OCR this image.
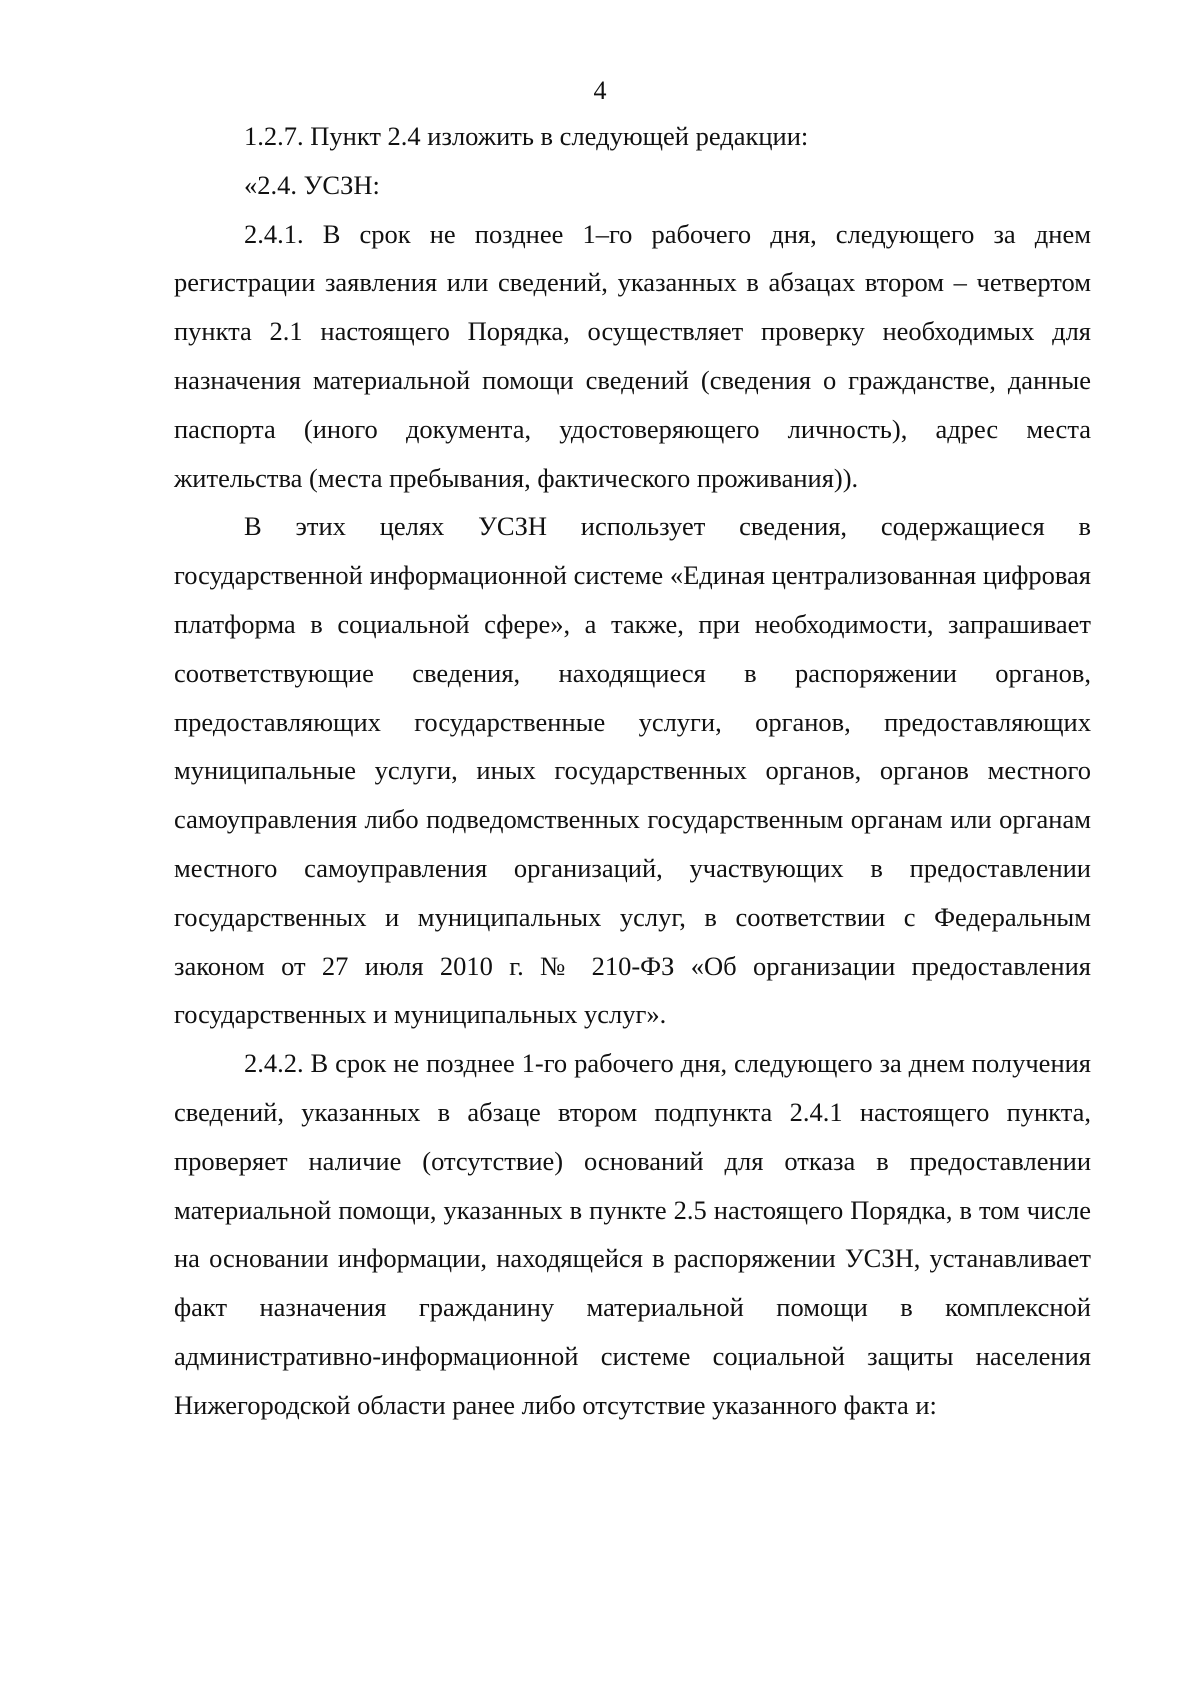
4

1.2.7. Пункт 2.4 изложить в следующей редакции:

«2.4. УСЗН:

2.4.1. В срок не позднее 1–го рабочего дня, следующего за днем регистрации заявления или сведений, указанных в абзацах втором – четвертом пункта 2.1 настоящего Порядка, осуществляет проверку необходимых для назначения материальной помощи сведений (сведения о гражданстве, данные паспорта (иного документа, удостоверяющего личность), адрес места жительства (места пребывания, фактического проживания)).

В этих целях УСЗН использует сведения, содержащиеся в государственной информационной системе «Единая централизованная цифровая платформа в социальной сфере», а также, при необходимости, запрашивает соответствующие сведения, находящиеся в распоряжении органов, предоставляющих государственные услуги, органов, предоставляющих муниципальные услуги, иных государственных органов, органов местного самоуправления либо подведомственных государственным органам или органам местного самоуправления организаций, участвующих в предоставлении государственных и муниципальных услуг, в соответствии с Федеральным законом от 27 июля 2010 г. № 210-ФЗ «Об организации предоставления государственных и муниципальных услуг».

2.4.2. В срок не позднее 1-го рабочего дня, следующего за днем получения сведений, указанных в абзаце втором подпункта 2.4.1 настоящего пункта, проверяет наличие (отсутствие) оснований для отказа в предоставлении материальной помощи, указанных в пункте 2.5 настоящего Порядка, в том числе на основании информации, находящейся в распоряжении УСЗН, устанавливает факт назначения гражданину материальной помощи в комплексной административно-информационной системе социальной защиты населения Нижегородской области ранее либо отсутствие указанного факта и:
